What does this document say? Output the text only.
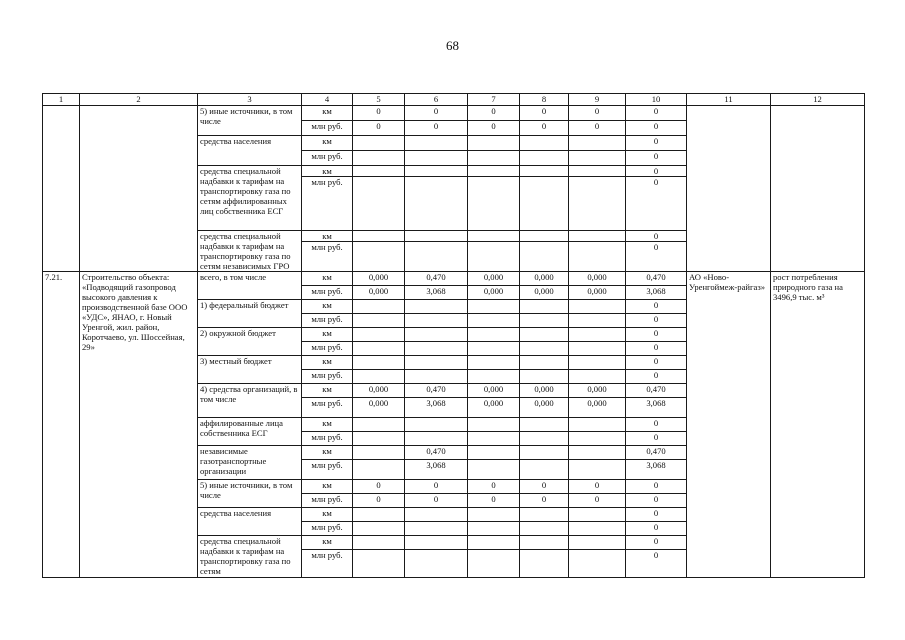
68
1	2	3	4	5	6	7	8	9	10	11	12
		5) иные источники, в том числе	км	0	0	0	0	0	0		
			млн руб.	0	0	0	0	0	0		
		средства населения	км						0		
			млн руб.						0		
		средства специальной надбавки к тарифам на транспортировку газа по сетям аффилированных лиц собственника ЕСГ	км						0		
			млн руб.						0		
		средства специальной надбавки к тарифам на транспортировку газа по сетям независимых ГРО	км						0		
			млн руб.						0		
7.21.	Строительство объекта: «Подводящий газопровод высокого давления к производственной базе ООО «УДС», ЯНАО, г. Новый Уренгой, жил. район, Коротчаево, ул. Шоссейная, 29»	всего, в том числе	км	0,000	0,470	0,000	0,000	0,000	0,470	АО «Ново-Уренгоймеж-райгаз»	рост потребления природного газа на 3496,9 тыс. м³
			млн руб.	0,000	3,068	0,000	0,000	0,000	3,068		
		1) федеральный бюджет	км						0		
			млн руб.						0		
		2) окружной бюджет	км						0		
			млн руб.						0		
		3) местный бюджет	км						0		
			млн руб.						0		
		4) средства организаций, в том числе	км	0,000	0,470	0,000	0,000	0,000	0,470		
			млн руб.	0,000	3,068	0,000	0,000	0,000	3,068		
		аффилированные лица собственника ЕСГ	км						0		
			млн руб.						0		
		независимые газотранспортные организации	км		0,470				0,470		
			млн руб.		3,068				3,068		
		5) иные источники, в том числе	км	0	0	0	0	0	0		
			млн руб.	0	0	0	0	0	0		
		средства населения	км						0		
			млн руб.						0		
		средства специальной надбавки к тарифам на транспортировку газа по сетям	км						0		
			млн руб.						0		
